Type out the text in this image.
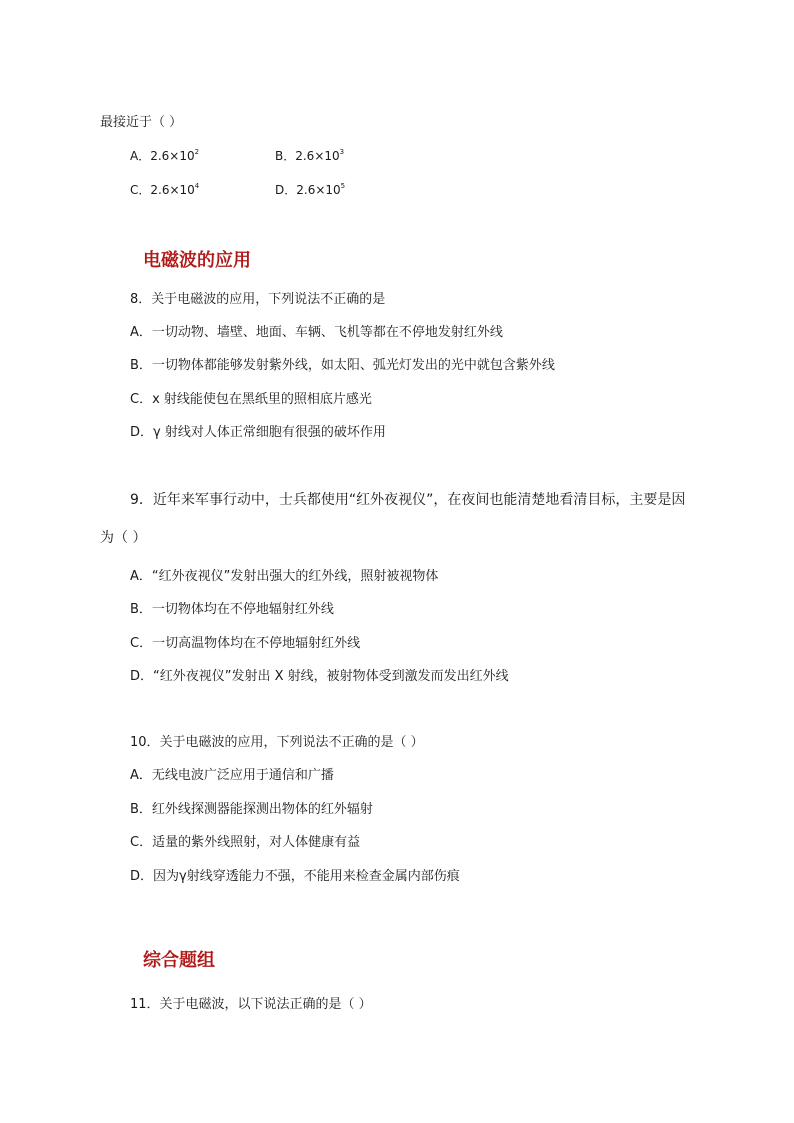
最接近于（ ）
A．$2.6\times 10^2$	B．$2.6\times 10^3$
C．$2.6\times 10^4$	D．$2.6\times 10^5$
电磁波的应用
8．关于电磁波的应用，下列说法不正确的是
A．一切动物、墙壁、地面、车辆、飞机等都在不停地发射红外线
B．一切物体都能够发射紫外线，如太阳、弧光灯发出的光中就包含紫外线
C．x 射线能使包在黑纸里的照相底片感光
D．γ 射线对人体正常细胞有很强的破坏作用
9．近年来军事行动中，士兵都使用“红外夜视仪”，在夜间也能清楚地看清目标，主要是因
为（ ）
A．“红外夜视仪”发射出强大的红外线，照射被视物体
B．一切物体均在不停地辐射红外线
C．一切高温物体均在不停地辐射红外线
D．“红外夜视仪”发射出 X 射线，被射物体受到激发而发出红外线
10．关于电磁波的应用，下列说法不正确的是（ ）
A．无线电波广泛应用于通信和广播
B．红外线探测器能探测出物体的红外辐射
C．适量的紫外线照射，对人体健康有益
D．因为γ射线穿透能力不强，不能用来检查金属内部伤痕
综合题组
11．关于电磁波，以下说法正确的是（ ）
